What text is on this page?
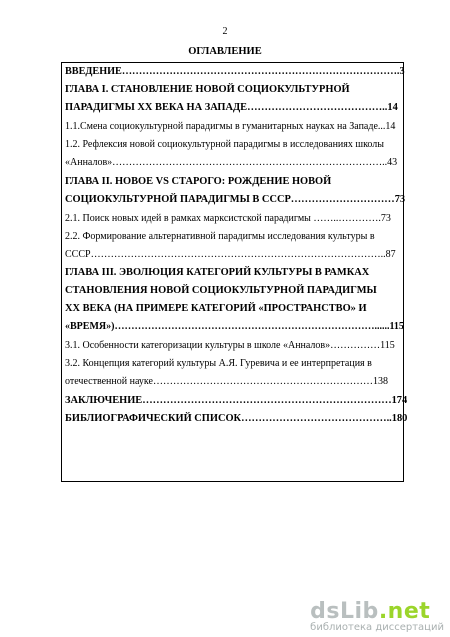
2
ОГЛАВЛЕНИЕ
ВВЕДЕНИЕ……………………………………………………………………….3
ГЛАВА I. СТАНОВЛЕНИЕ НОВОЙ СОЦИОКУЛЬТУРНОЙ
ПАРАДИГМЫ XX ВЕКА НА ЗАПАДЕ…………………………………..14
1.1.Смена социокультурной парадигмы в гуманитарных науках на Западе...14
1.2. Рефлексия новой социокультурной парадигмы в исследованиях школы
«Анналов»………………………………………………………………………..43
ГЛАВА II. НОВОЕ VS СТАРОГО: РОЖДЕНИЕ НОВОЙ
СОЦИОКУЛЬТУРНОЙ ПАРАДИГМЫ В СССР…………………………73
2.1. Поиск новых идей в рамках марксистской парадигмы ……..………….73
2.2. Формирование альтернативной парадигмы исследования культуры в
СССР……………………………………………………………………………..87
ГЛАВА III. ЭВОЛЮЦИЯ КАТЕГОРИЙ КУЛЬТУРЫ В РАМКАХ
СТАНОВЛЕНИЯ НОВОЙ СОЦИОКУЛЬТУРНОЙ ПАРАДИГМЫ
XX ВЕКА (НА ПРИМЕРЕ КАТЕГОРИЙ «ПРОСТРАНСТВО» И
«ВРЕМЯ»)……………………………………………………………………......115
3.1. Особенности категоризации культуры в школе «Анналов»……………115
3.2. Концепция категорий культуры А.Я. Гуревича и ее интерпретация в
отечественной науке…………………………………………………………138
ЗАКЛЮЧЕНИЕ………………………………………………………………174
БИБЛИОГРАФИЧЕСКИЙ СПИСОК……………………………………..180
dsLib.net
библиотека диссертаций
